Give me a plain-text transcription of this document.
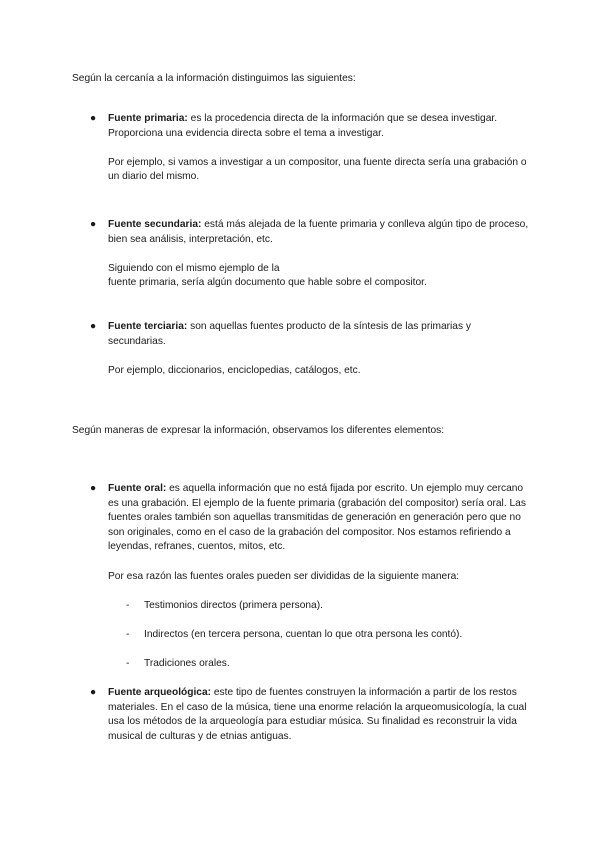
Según la cercanía a la información distinguimos las siguientes:

●	Fuente primaria: es la procedencia directa de la información que se desea investigar. Proporciona una evidencia directa sobre el tema a investigar.

Por ejemplo, si vamos a investigar a un compositor, una fuente directa sería una grabación o un diario del mismo.

●	Fuente secundaria: está más alejada de la fuente primaria y conlleva algún tipo de proceso, bien sea análisis, interpretación, etc.

Siguiendo con el mismo ejemplo de la
fuente primaria, sería algún documento que hable sobre el compositor.

●	Fuente terciaria: son aquellas fuentes producto de la síntesis de las primarias y secundarias.

Por ejemplo, diccionarios, enciclopedias, catálogos, etc.

Según maneras de expresar la información, observamos los diferentes elementos:

●	Fuente oral: es aquella información que no está fijada por escrito. Un ejemplo muy cercano es una grabación. El ejemplo de la fuente primaria (grabación del compositor) sería oral. Las fuentes orales también son aquellas transmitidas de generación en generación pero que no son originales, como en el caso de la grabación del compositor. Nos estamos refiriendo a leyendas, refranes, cuentos, mitos, etc.

Por esa razón las fuentes orales pueden ser divididas de la siguiente manera:

- Testimonios directos (primera persona).

- Indirectos (en tercera persona, cuentan lo que otra persona les contó).

- Tradiciones orales.

●	Fuente arqueológica: este tipo de fuentes construyen la información a partir de los restos materiales. En el caso de la música, tiene una enorme relación la arqueomusicología, la cual usa los métodos de la arqueología para estudiar música. Su finalidad es reconstruir la vida musical de culturas y de etnias antiguas.
